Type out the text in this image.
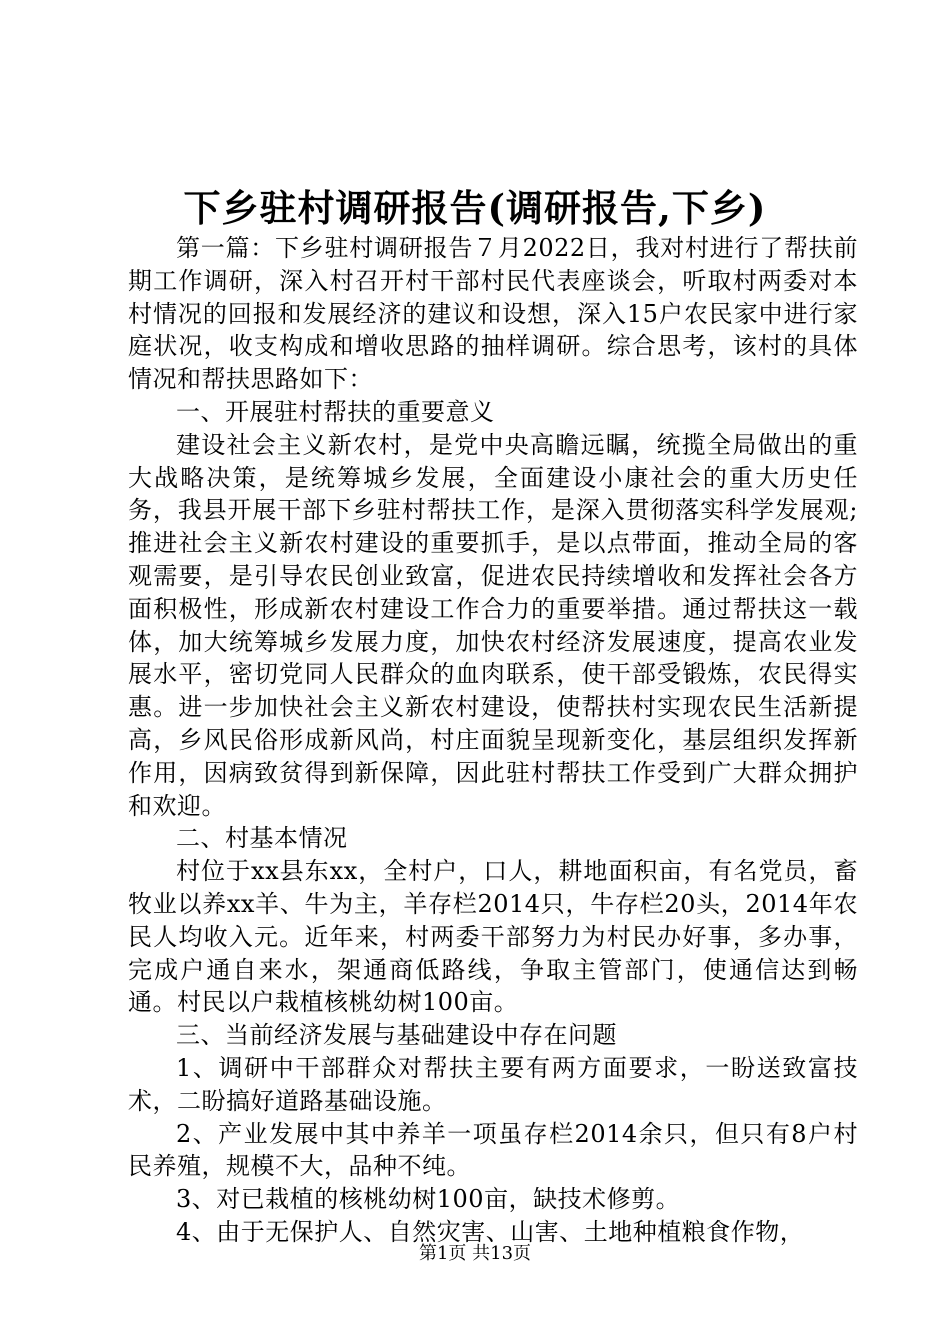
下乡驻村调研报告(调研报告,下乡)

第一篇：下乡驻村调研报告７月2022日，我对村进行了帮扶前期工作调研，深入村召开村干部村民代表座谈会，听取村两委对本村情况的回报和发展经济的建议和设想，深入15户农民家中进行家庭状况，收支构成和增收思路的抽样调研。综合思考，该村的具体情况和帮扶思路如下：

一、开展驻村帮扶的重要意义

建设社会主义新农村，是党中央高瞻远瞩，统揽全局做出的重大战略决策，是统筹城乡发展，全面建设小康社会的重大历史任务，我县开展干部下乡驻村帮扶工作，是深入贯彻落实科学发展观;推进社会主义新农村建设的重要抓手，是以点带面，推动全局的客观需要，是引导农民创业致富，促进农民持续增收和发挥社会各方面积极性，形成新农村建设工作合力的重要举措。通过帮扶这一载体，加大统筹城乡发展力度，加快农村经济发展速度，提高农业发展水平，密切党同人民群众的血肉联系，使干部受锻炼，农民得实惠。进一步加快社会主义新农村建设，使帮扶村实现农民生活新提高，乡风民俗形成新风尚，村庄面貌呈现新变化，基层组织发挥新作用，因病致贫得到新保障，因此驻村帮扶工作受到广大群众拥护和欢迎。

二、村基本情况

村位于xx县东xx，全村户，口人，耕地面积亩，有名党员，畜牧业以养xx羊、牛为主，羊存栏2014只，牛存栏20头，2014年农民人均收入元。近年来，村两委干部努力为村民办好事，多办事，完成户通自来水，架通商低路线，争取主管部门，使通信达到畅通。村民以户栽植核桃幼树100亩。

三、当前经济发展与基础建设中存在问题

1、调研中干部群众对帮扶主要有两方面要求，一盼送致富技术，二盼搞好道路基础设施。

2、产业发展中其中养羊一项虽存栏2014余只，但只有8户村民养殖，规模不大，品种不纯。

3、对已栽植的核桃幼树100亩，缺技术修剪。

4、由于无保护人、自然灾害、山害、土地种植粮食作物，

第1页 共13页
